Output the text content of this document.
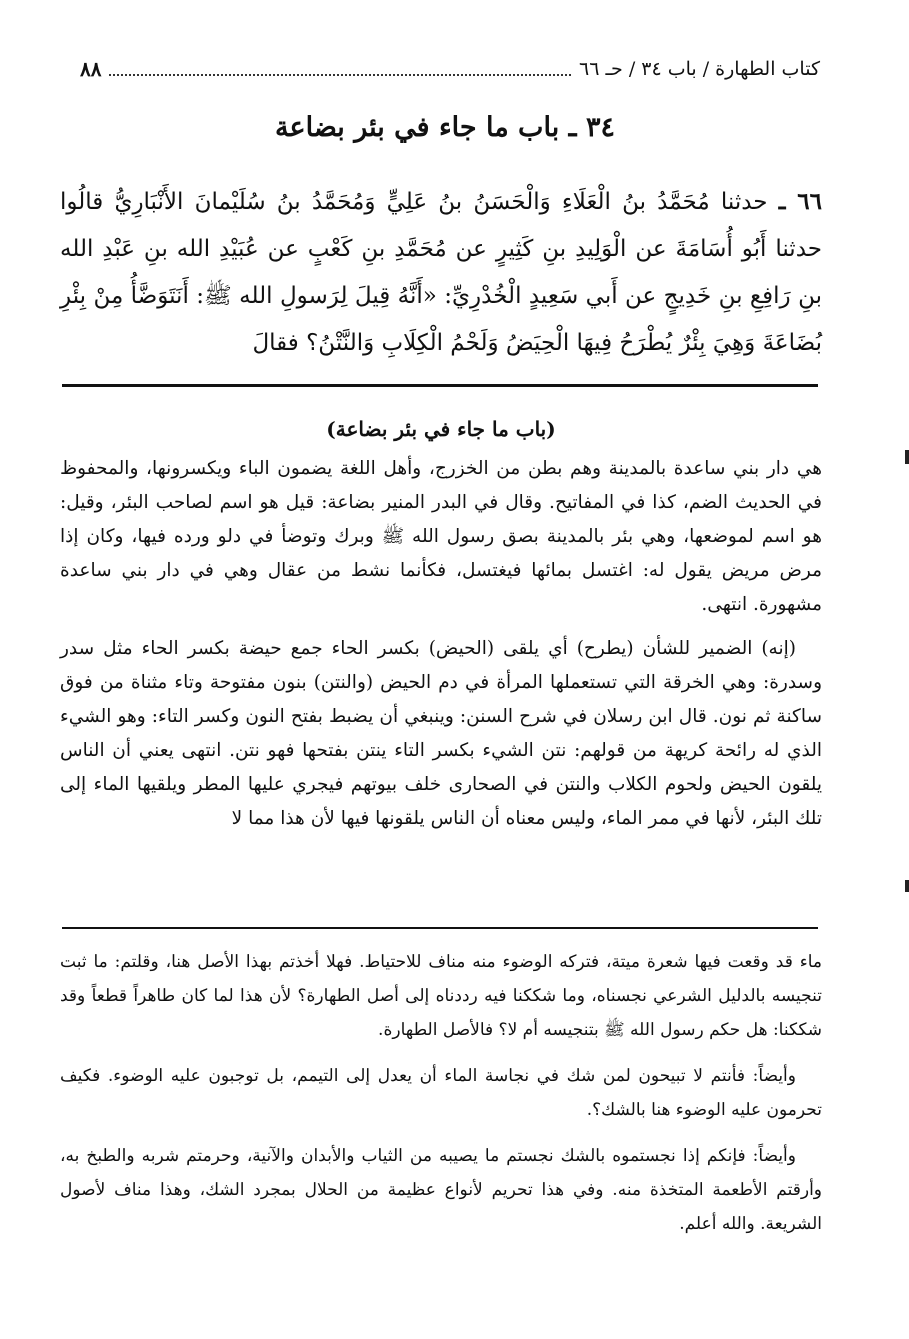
كتاب الطهارة / باب ٣٤ / حـ ٦٦
٨٨
٣٤ ـ باب ما جاء في بئر بضاعة
٦٦ ـ حدثنا مُحَمَّدُ بنُ الْعَلَاءِ وَالْحَسَنُ بنُ عَلِيٍّ وَمُحَمَّدُ بنُ سُلَيْمانَ الأَنْبَارِيُّ قالُوا حدثنا أَبُو أُسَامَةَ عن الْوَلِيدِ بنِ كَثِيرٍ عن مُحَمَّدِ بنِ كَعْبٍ عن عُبَيْدِ الله بنِ عَبْدِ الله بنِ رَافِعِ بنِ خَدِيجٍ عن أَبي سَعِيدٍ الْخُدْرِيِّ: «أَنَّهُ قِيلَ لِرَسولِ الله ﷺ: أَنَتَوَضَّأُ مِنْ بِئْرِ بُضَاعَةَ وَهِيَ بِئْرٌ يُطْرَحُ فِيهَا الْحِيَضُ وَلَحْمُ الْكِلَابِ وَالنَّتْنُ؟ فقالَ
(باب ما جاء في بئر بضاعة)

هي دار بني ساعدة بالمدينة وهم بطن من الخزرج، وأهل اللغة يضمون الباء ويكسرونها، والمحفوظ في الحديث الضم، كذا في المفاتيح. وقال في البدر المنير بضاعة: قيل هو اسم لصاحب البئر، وقيل: هو اسم لموضعها، وهي بئر بالمدينة بصق رسول الله ﷺ وبرك وتوضأ في دلو ورده فيها، وكان إذا مرض مريض يقول له: اغتسل بمائها فيغتسل، فكأنما نشط من عقال وهي في دار بني ساعدة مشهورة. انتهى.

(إنه) الضمير للشأن (يطرح) أي يلقى (الحيض) بكسر الحاء جمع حيضة بكسر الحاء مثل سدر وسدرة: وهي الخرقة التي تستعملها المرأة في دم الحيض (والنتن) بنون مفتوحة وتاء مثناة من فوق ساكنة ثم نون. قال ابن رسلان في شرح السنن: وينبغي أن يضبط بفتح النون وكسر التاء: وهو الشيء الذي له رائحة كريهة من قولهم: نتن الشيء بكسر التاء ينتن بفتحها فهو نتن. انتهى يعني أن الناس يلقون الحيض ولحوم الكلاب والنتن في الصحارى خلف بيوتهم فيجري عليها المطر ويلقيها الماء إلى تلك البئر، لأنها في ممر الماء، وليس معناه أن الناس يلقونها فيها لأن هذا مما لا

ماء قد وقعت فيها شعرة ميتة، فتركه الوضوء منه مناف للاحتياط. فهلا أخذتم بهذا الأصل هنا، وقلتم: ما ثبت تنجيسه بالدليل الشرعي نجسناه، وما شككنا فيه رددناه إلى أصل الطهارة؟ لأن هذا لما كان طاهراً قطعاً وقد شككنا: هل حكم رسول الله ﷺ بتنجيسه أم لا؟ فالأصل الطهارة.

وأيضاً: فأنتم لا تبيحون لمن شك في نجاسة الماء أن يعدل إلى التيمم، بل توجبون عليه الوضوء. فكيف تحرمون عليه الوضوء هنا بالشك؟.

وأيضاً: فإنكم إذا نجستموه بالشك نجستم ما يصيبه من الثياب والأبدان والآنية، وحرمتم شربه والطبخ به، وأرقتم الأطعمة المتخذة منه. وفي هذا تحريم لأنواع عظيمة من الحلال بمجرد الشك، وهذا مناف لأصول الشريعة. والله أعلم.
